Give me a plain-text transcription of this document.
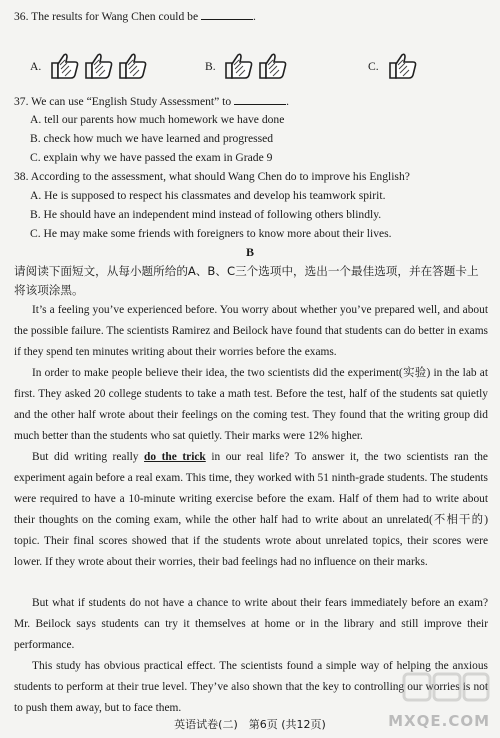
36. The results for Wang Chen could be	.
A.	B.	C.
37. We can use “English Study Assessment” to	.
A. tell our parents how much homework we have done
B. check how much we have learned and progressed
C. explain why we have passed the exam in Grade 9
38. According to the assessment, what should Wang Chen do to improve his English?
A. He is supposed to respect his classmates and develop his teamwork spirit.
B. He should have an independent mind instead of following others blindly.
C. He may make some friends with foreigners to know more about their lives.
B
请阅读下面短文，从每小题所给的A、B、C三个选项中，选出一个最佳选项，并在答题卡上将该项涂黑。
It’s a feeling you’ve experienced before. You worry about whether you’ve prepared well, and about the possible failure. The scientists Ramirez and Beilock have found that students can do better in exams if they spend ten minutes writing about their worries before the exams.
In order to make people believe their idea, the two scientists did the experiment(实验) in the lab at first. They asked 20 college students to take a math test. Before the test, half of the students sat quietly and the other half wrote about their feelings on the coming test. They found that the writing group did much better than the students who sat quietly. Their marks were 12% higher.
But did writing really do the trick in our real life? To answer it, the two scientists ran the experiment again before a real exam. This time, they worked with 51 ninth-grade students. The students were required to have a 10-minute writing exercise before the exam. Half of them had to write about their thoughts on the coming exam, while the other half had to write about an unrelated(不相干的) topic. Their final scores showed that if the students wrote about unrelated topics, their scores were lower. If they wrote about their worries, their bad feelings had no influence on their marks.
But what if students do not have a chance to write about their fears immediately before an exam? Mr. Beilock says students can try it themselves at home or in the library and still improve their performance.
This study has obvious practical effect. The scientists found a simple way of helping the anxious students to perform at their true level. They’ve also shown that the key to controlling our worries is not to push them away, but to face them.
英语试卷(二)　第6页 (共12页)	MXQE.COM
